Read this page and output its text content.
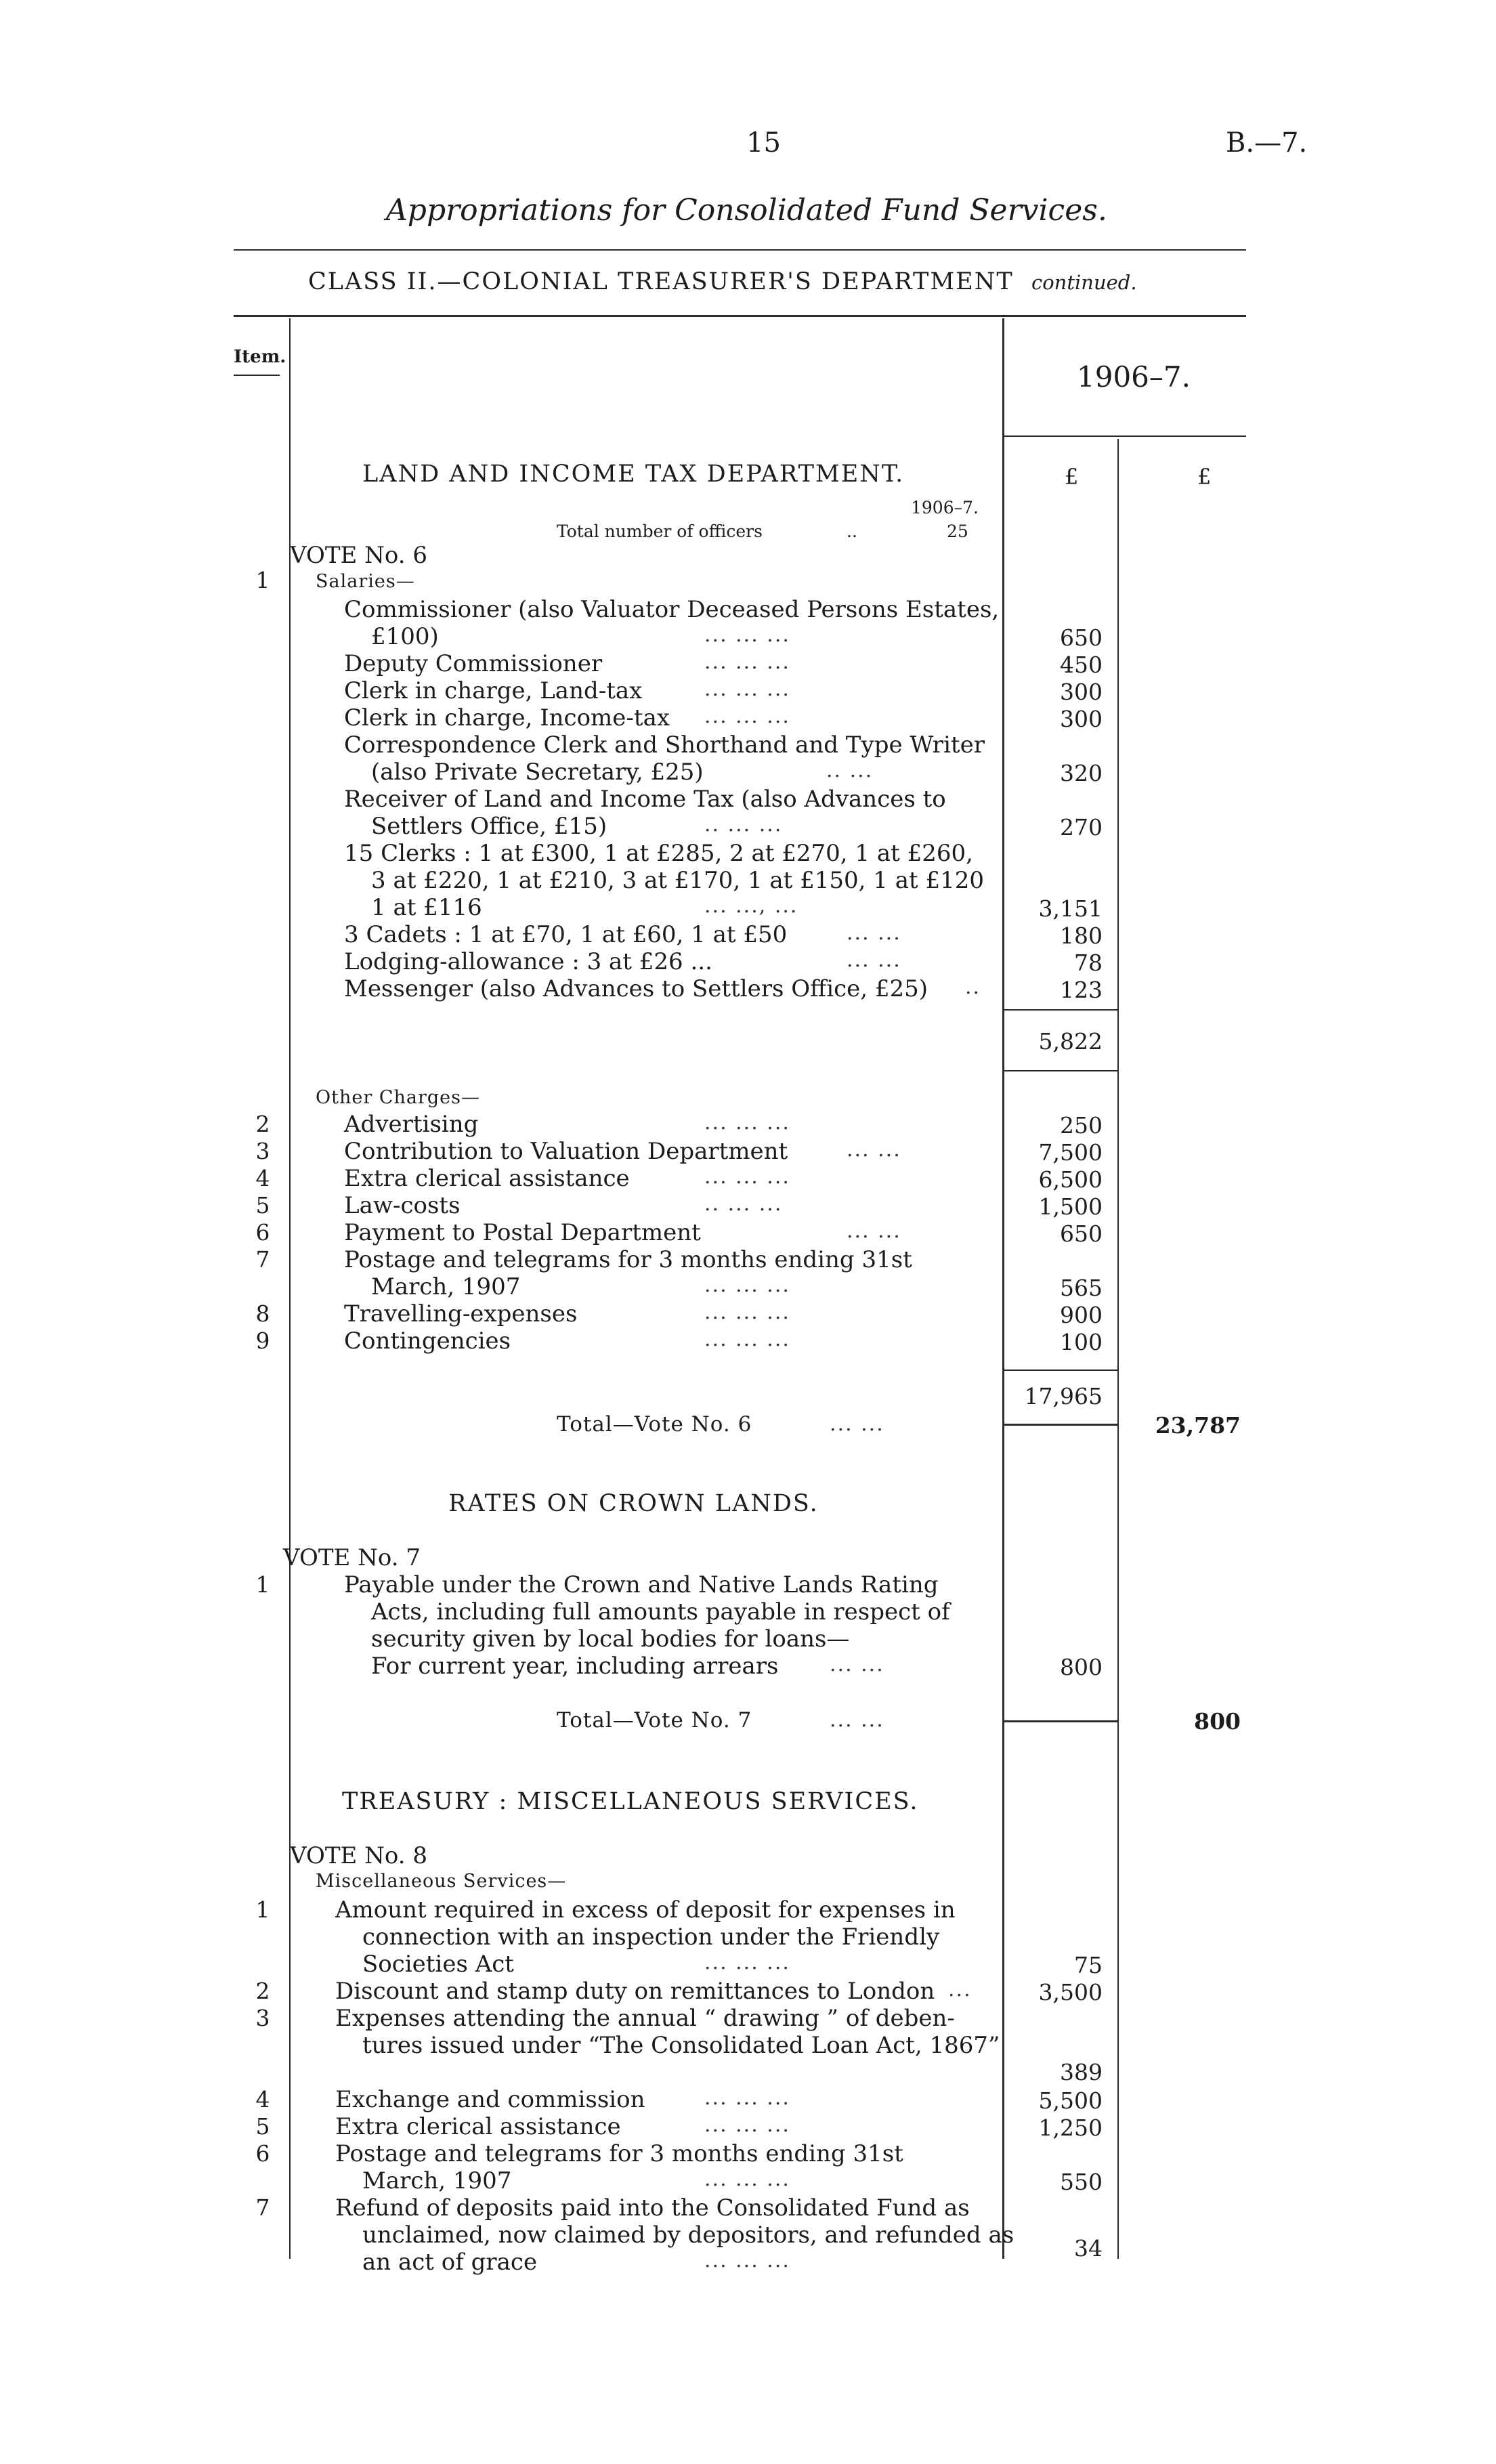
15	B.—7.
Appropriations for Consolidated Fund Services.
CLASS II.—COLONIAL TREASURER'S DEPARTMENT continued.
Item.
1906–7.
£	£
LAND AND INCOME TAX DEPARTMENT.
1906–7.
Total number of officers	..	25
VOTE No. 6
1	Salaries—
Commissioner (also Valuator Deceased Persons Estates,
£100)	... ... ...	650
Deputy Commissioner	... ... ...	450
Clerk in charge, Land-tax	... ... ...	300
Clerk in charge, Income-tax ... ... ...	300
Correspondence Clerk and Shorthand and Type Writer
(also Private Secretary, £25)	.. ...	320
Receiver of Land and Income Tax (also Advances to
Settlers Office, £15)	.. ... ...	270
15 Clerks : 1 at £300, 1 at £285, 2 at £270, 1 at £260,
3 at £220, 1 at £210, 3 at £170, 1 at £150, 1 at £120
1 at £116	... ..., ...	3,151
3 Cadets : 1 at £70, 1 at £60, 1 at £50	... ...	180
Lodging-allowance : 3 at £26 ...	... ...	78
Messenger (also Advances to Settlers Office, £25) ..	123
5,822
Other Charges—
2	Advertising	... ... ...	250
3	Contribution to Valuation Department	... ...	7,500
4	Extra clerical assistance	... ... ...	6,500
5	Law-costs	.. ... ...	1,500
6	Payment to Postal Department	... ...	650
7	Postage and telegrams for 3 months ending 31st
March, 1907	... ... ...	565
8	Travelling-expenses	... ... ...	900
9	Contingencies	... ... ...	100
17,965
Total—Vote No. 6	... ...	23,787
RATES ON CROWN LANDS.
VOTE No. 7
1	Payable under the Crown and Native Lands Rating
Acts, including full amounts payable in respect of
security given by local bodies for loans—
For current year, including arrears	... ...	800
Total—Vote No. 7	... ...	800
TREASURY : MISCELLANEOUS SERVICES.
VOTE No. 8
Miscellaneous Services—
1	Amount required in excess of deposit for expenses in
connection with an inspection under the Friendly
Societies Act	... ... ...	75
2	Discount and stamp duty on remittances to London ...	3,500
3	Expenses attending the annual “ drawing ” of deben-
tures issued under “The Consolidated Loan Act, 1867”
389
4	Exchange and commission	... ... ...	5,500
5	Extra clerical assistance	... ... ...	1,250
6	Postage and telegrams for 3 months ending 31st
March, 1907	... ... ...	550
7	Refund of deposits paid into the Consolidated Fund as
unclaimed, now claimed by depositors, and refunded as
an act of grace	... ... ...	34
